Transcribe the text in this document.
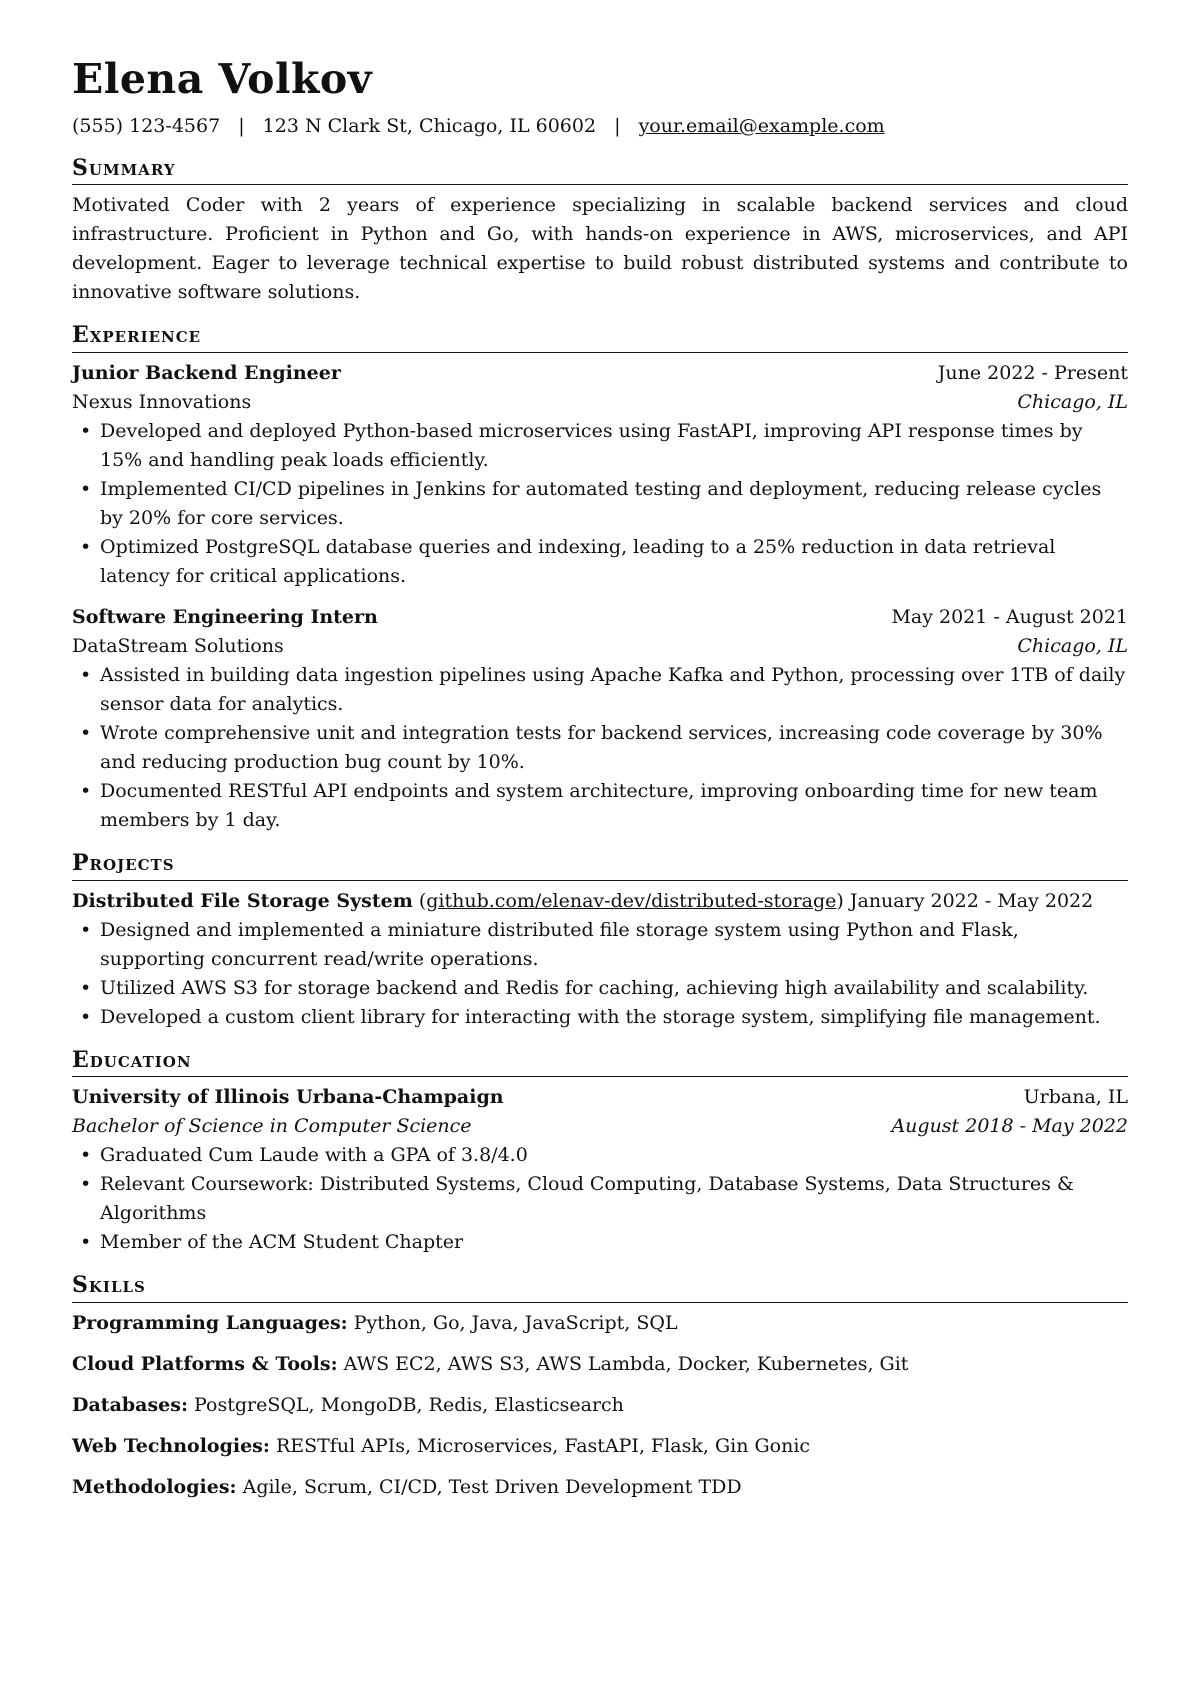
Elena Volkov
(555) 123-4567 | 123 N Clark St, Chicago, IL 60602 | your.email@example.com
Summary

Motivated Coder with 2 years of experience specializing in scalable backend services and cloud infrastructure. Proficient in Python and Go, with hands-on experience in AWS, microservices, and API development. Eager to leverage technical expertise to build robust distributed systems and contribute to innovative software solutions.

Experience
Junior Backend Engineer	June 2022 - Present
Nexus Innovations	Chicago, IL
• Developed and deployed Python-based microservices using FastAPI, improving API response times by 15% and handling peak loads efficiently.
• Implemented CI/CD pipelines in Jenkins for automated testing and deployment, reducing release cycles by 20% for core services.
• Optimized PostgreSQL database queries and indexing, leading to a 25% reduction in data retrieval latency for critical applications.
Software Engineering Intern	May 2021 - August 2021
DataStream Solutions	Chicago, IL
• Assisted in building data ingestion pipelines using Apache Kafka and Python, processing over 1TB of daily sensor data for analytics.
• Wrote comprehensive unit and integration tests for backend services, increasing code coverage by 30% and reducing production bug count by 10%.
• Documented RESTful API endpoints and system architecture, improving onboarding time for new team members by 1 day.
Projects
Distributed File Storage System (github.com/elenav-dev/distributed-storage) January 2022 - May 2022
• Designed and implemented a miniature distributed file storage system using Python and Flask, supporting concurrent read/write operations.
• Utilized AWS S3 for storage backend and Redis for caching, achieving high availability and scalability.
• Developed a custom client library for interacting with the storage system, simplifying file management.
Education
University of Illinois Urbana-Champaign	Urbana, IL
Bachelor of Science in Computer Science	August 2018 - May 2022
• Graduated Cum Laude with a GPA of 3.8/4.0
• Relevant Coursework: Distributed Systems, Cloud Computing, Database Systems, Data Structures & Algorithms
• Member of the ACM Student Chapter
Skills
Programming Languages: Python, Go, Java, JavaScript, SQL
Cloud Platforms & Tools: AWS EC2, AWS S3, AWS Lambda, Docker, Kubernetes, Git
Databases: PostgreSQL, MongoDB, Redis, Elasticsearch
Web Technologies: RESTful APIs, Microservices, FastAPI, Flask, Gin Gonic
Methodologies: Agile, Scrum, CI/CD, Test Driven Development TDD
